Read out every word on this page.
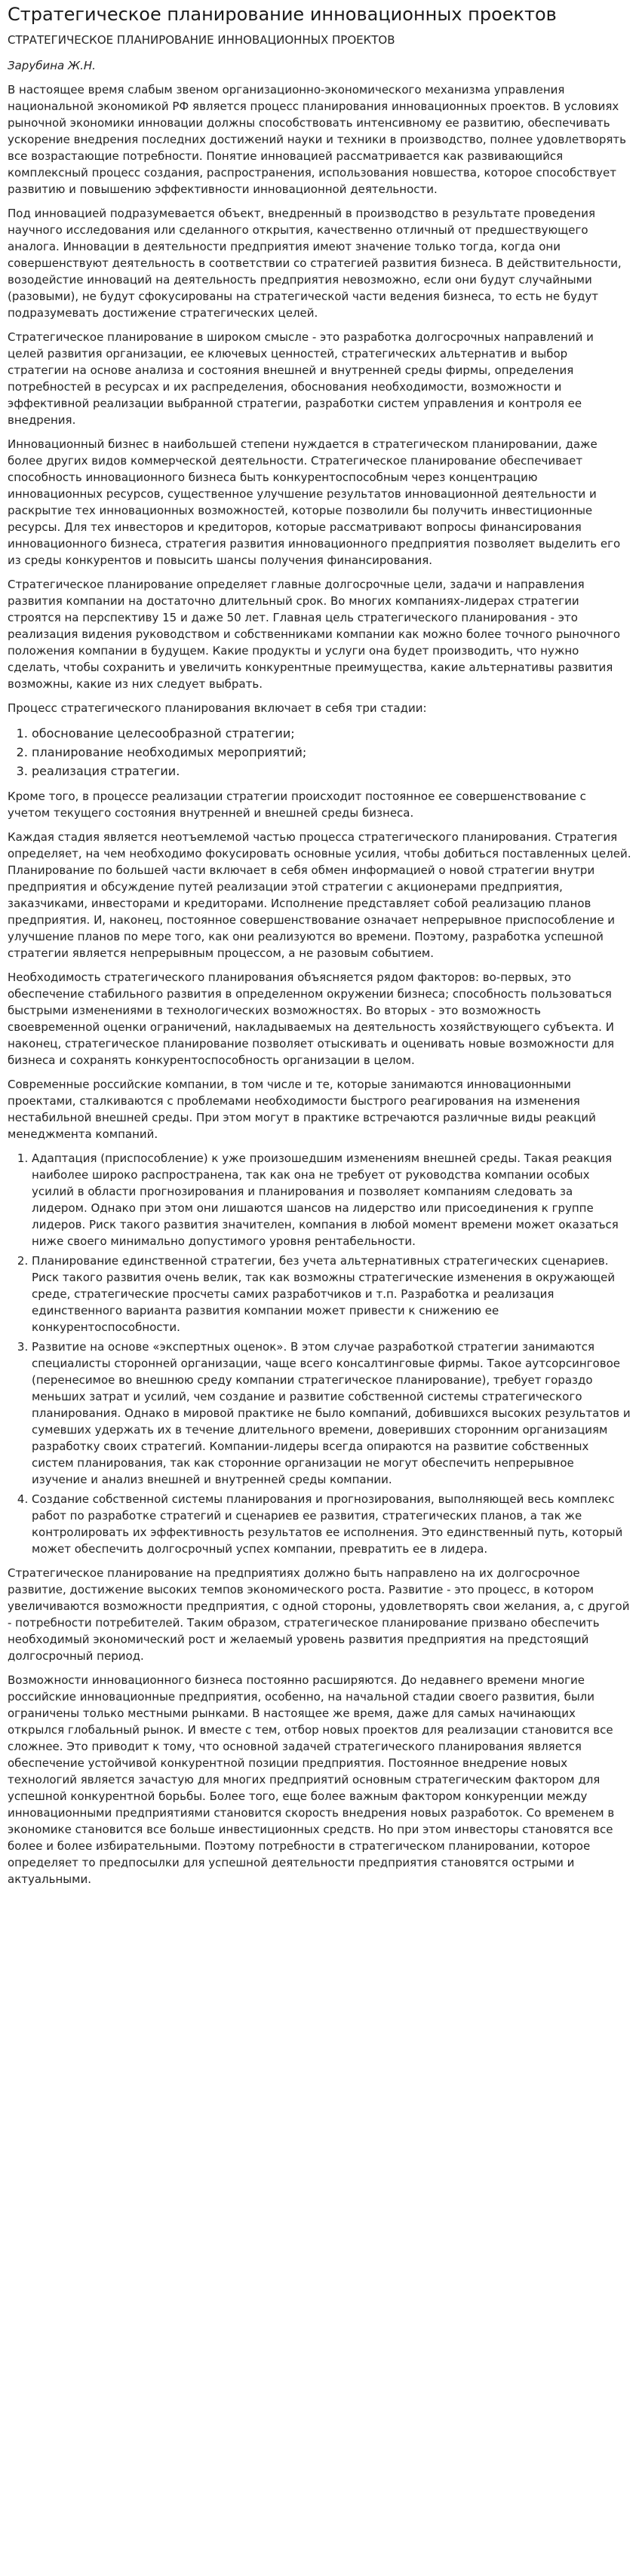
Стратегическое планирование инновационных проектов

СТРАТЕГИЧЕСКОЕ ПЛАНИРОВАНИЕ ИННОВАЦИОННЫХ ПРОЕКТОВ

Зарубина Ж.Н.

В настоящее время слабым звеном организационно-экономического механизма управления национальной экономикой РФ является процесс планирования инновационных проектов. В условиях рыночной экономики инновации должны способствовать интенсивному ее развитию, обеспечивать ускорение внедрения последних достижений науки и техники в производство, полнее удовлетворять все возрастающие потребности. Понятие инновацией рассматривается как развивающийся комплексный процесс создания, распространения, использования новшества, которое способствует развитию и повышению эффективности инновационной деятельности.

Под инновацией подразумевается объект, внедренный в производство в результате проведения научного исследования или сделанного открытия, качественно отличный от предшествующего аналога. Инновации в деятельности предприятия имеют значение только тогда, когда они совершенствуют деятельность в соответствии со стратегией развития бизнеса. В действительности, возодейстие инноваций на деятельность предприятия невозможно, если они будут случайными (разовыми), не будут сфокусированы на стратегической части ведения бизнеса, то есть не будут подразумевать достижение стратегических целей.

Стратегическое планирование в широком смысле - это разработка долгосрочных направлений и целей развития организации, ее ключевых ценностей, стратегических альтернатив и выбор стратегии на основе анализа и состояния внешней и внутренней среды фирмы, определения потребностей в ресурсах и их распределения, обоснования необходимости, возможности и эффективной реализации выбранной стратегии, разработки систем управления и контроля ее внедрения.

Инновационный бизнес в наибольшей степени нуждается в стратегическом планировании, даже более других видов коммерческой деятельности. Стратегическое планирование обеспечивает способность инновационного бизнеса быть конкурентоспособным через концентрацию инновационных ресурсов, существенное улучшение результатов инновационной деятельности и раскрытие тех инновационных возможностей, которые позволили бы получить инвестиционные ресурсы. Для тех инвесторов и кредиторов, которые рассматривают вопросы финансирования инновационного бизнеса, стратегия развития инновационного предприятия позволяет выделить его из среды конкурентов и повысить шансы получения финансирования.

Стратегическое планирование определяет главные долгосрочные цели, задачи и направления развития компании на достаточно длительный срок. Во многих компаниях-лидерах стратегии строятся на перспективу 15 и даже 50 лет. Главная цель стратегического планирования - это реализация видения руководством и собственниками компании как можно более точного рыночного положения компании в будущем. Какие продукты и услуги она будет производить, что нужно сделать, чтобы сохранить и увеличить конкурентные преимущества, какие альтернативы развития возможны, какие из них следует выбрать.

Процесс стратегического планирования включает в себя три стадии:

1. обоснование целесообразной стратегии;
2. планирование необходимых мероприятий;
3. реализация стратегии.

Кроме того, в процессе реализации стратегии происходит постоянное ее совершенствование с учетом текущего состояния внутренней и внешней среды бизнеса.

Каждая стадия является неотъемлемой частью процесса стратегического планирования. Стратегия определяет, на чем необходимо фокусировать основные усилия, чтобы добиться поставленных целей. Планирование по большей части включает в себя обмен информацией о новой стратегии внутри предприятия и обсуждение путей реализации этой стратегии с акционерами предприятия, заказчиками, инвесторами и кредиторами. Исполнение представляет собой реализацию планов предприятия. И, наконец, постоянное совершенствование означает непрерывное приспособление и улучшение планов по мере того, как они реализуются во времени. Поэтому, разработка успешной стратегии является непрерывным процессом, а не разовым событием.

Необходимость стратегического планирования объясняется рядом факторов: во-первых, это обеспечение стабильного развития в определенном окружении бизнеса; способность пользоваться быстрыми изменениями в технологических возможностях. Во вторых - это возможность своевременной оценки ограничений, накладываемых на деятельность хозяйствующего субъекта. И наконец, стратегическое планирование позволяет отыскивать и оценивать новые возможности для бизнеса и сохранять конкурентоспособность организации в целом.

Современные российские компании, в том числе и те, которые занимаются инновационными проектами, сталкиваются с проблемами необходимости быстрого реагирования на изменения нестабильной внешней среды. При этом могут в практике встречаются различные виды реакций менеджмента компаний.

1. Адаптация (приспособление) к уже произошедшим изменениям внешней среды. Такая реакция наиболее широко распространена, так как она не требует от руководства компании особых усилий в области прогнозирования и планирования и позволяет компаниям следовать за лидером. Однако при этом они лишаются шансов на лидерство или присоединения к группе лидеров. Риск такого развития значителен, компания в любой момент времени может оказаться ниже своего минимально допустимого уровня рентабельности.
2. Планирование единственной стратегии, без учета альтернативных стратегических сценариев. Риск такого развития очень велик, так как возможны стратегические изменения в окружающей среде, стратегические просчеты самих разработчиков и т.п. Разработка и реализация единственного варианта развития компании может привести к снижению ее конкурентоспособности.
3. Развитие на основе «экспертных оценок». В этом случае разработкой стратегии занимаются специалисты сторонней организации, чаще всего консалтинговые фирмы. Такое аутсорсинговое (перенесимое во внешнюю среду компании стратегическое планирование), требует гораздо меньших затрат и усилий, чем создание и развитие собственной системы стратегического планирования. Однако в мировой практике не было компаний, добившихся высоких результатов и сумевших удержать их в течение длительного времени, доверивших сторонним организациям разработку своих стратегий. Компании-лидеры всегда опираются на развитие собственных систем планирования, так как сторонние организации не могут обеспечить непрерывное изучение и анализ внешней и внутренней среды компании.
4. Создание собственной системы планирования и прогнозирования, выполняющей весь комплекс работ по разработке стратегий и сценариев ее развития, стратегических планов, а так же контролировать их эффективность результатов ее исполнения. Это единственный путь, который может обеспечить долгосрочный успех компании, превратить ее в лидера.

Стратегическое планирование на предприятиях должно быть направлено на их долгосрочное развитие, достижение высоких темпов экономического роста. Развитие - это процесс, в котором увеличиваются возможности предприятия, с одной стороны, удовлетворять свои желания, а, с другой - потребности потребителей. Таким образом, стратегическое планирование призвано обеспечить необходимый экономический рост и желаемый уровень развития предприятия на предстоящий долгосрочный период.

Возможности инновационного бизнеса постоянно расширяются. До недавнего времени многие российские инновационные предприятия, особенно, на начальной стадии своего развития, были ограничены только местными рынками. В настоящее же время, даже для самых начинающих открылся глобальный рынок. И вместе с тем, отбор новых проектов для реализации становится все сложнее. Это приводит к тому, что основной задачей стратегического планирования является обеспечение устойчивой конкурентной позиции предприятия. Постоянное внедрение новых технологий является зачастую для многих предприятий основным стратегическим фактором для успешной конкурентной борьбы. Более того, еще более важным фактором конкуренции между инновационными предприятиями становится скорость внедрения новых разработок. Со временем в экономике становится все больше инвестиционных средств. Но при этом инвесторы становятся все более и более избирательными. Поэтому потребности в стратегическом планировании, которое определяет то предпосылки для успешной деятельности предприятия становятся острыми и актуальными.
